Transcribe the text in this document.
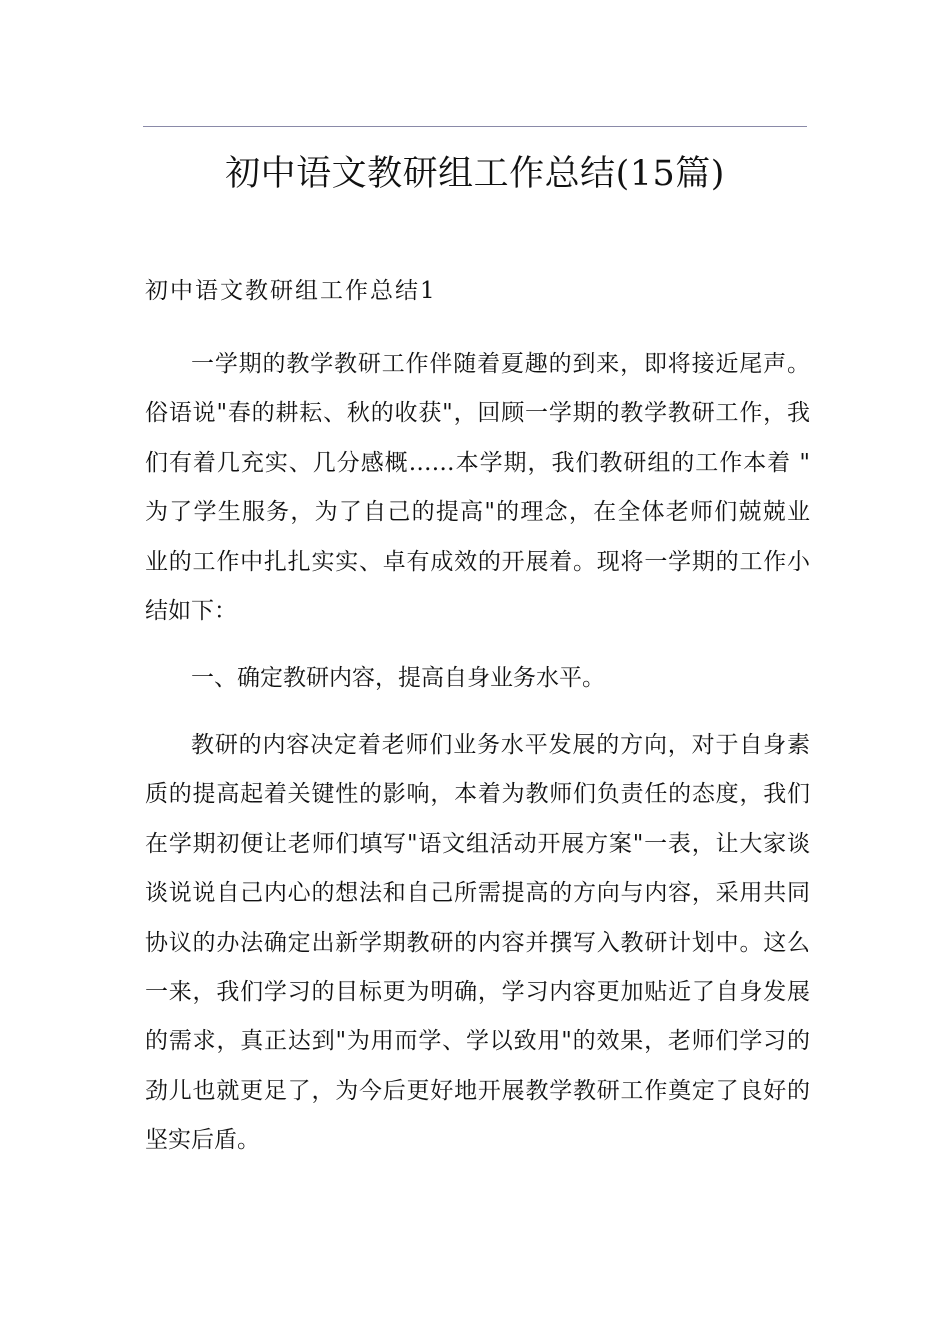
初中语文教研组工作总结(15篇)
初中语文教研组工作总结1
一学期的教学教研工作伴随着夏趣的到来，即将接近尾声。
俗语说"春的耕耘、秋的收获"，回顾一学期的教学教研工作，我
们有着几充实、几分感概……本学期，我们教研组的工作本着 "
为了学生服务，为了自己的提高"的理念，在全体老师们兢兢业
业的工作中扎扎实实、卓有成效的开展着。现将一学期的工作小
结如下：
一、确定教研内容，提高自身业务水平。
教研的内容决定着老师们业务水平发展的方向，对于自身素
质的提高起着关键性的影响，本着为教师们负责任的态度，我们
在学期初便让老师们填写"语文组活动开展方案"一表，让大家谈
谈说说自己内心的想法和自己所需提高的方向与内容，采用共同
协议的办法确定出新学期教研的内容并撰写入教研计划中。这么
一来，我们学习的目标更为明确，学习内容更加贴近了自身发展
的需求，真正达到"为用而学、学以致用"的效果，老师们学习的
劲儿也就更足了，为今后更好地开展教学教研工作奠定了良好的
坚实后盾。
